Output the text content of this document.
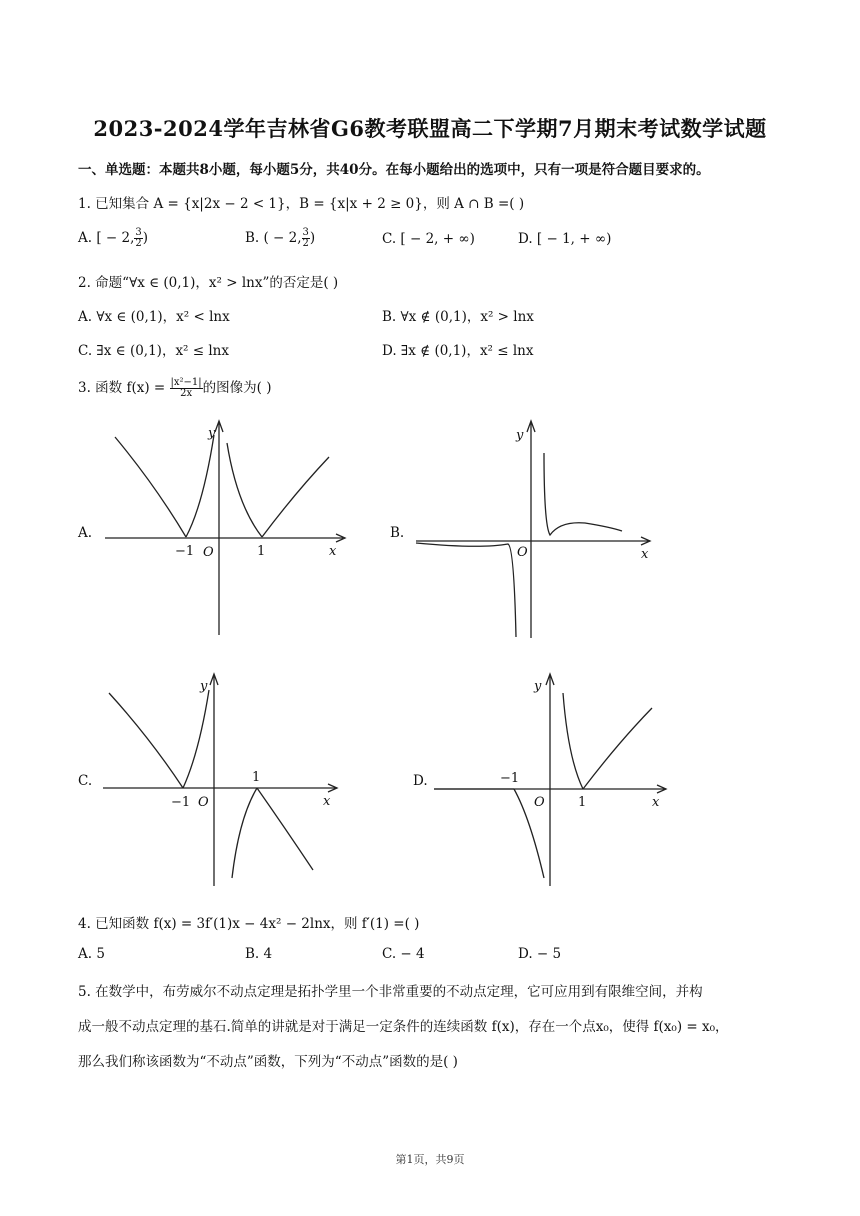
2023-2024学年吉林省G6教考联盟高二下学期7月期末考试数学试题
一、单选题：本题共8小题，每小题5分，共40分。在每小题给出的选项中，只有一项是符合题目要求的。
1. 已知集合 A = {x|2x − 2 < 1}，B = {x|x + 2 ≥ 0}，则 A ∩ B =( )
A. [ − 2, $\frac{3}{2}$ )	B. ( − 2, $\frac{3}{2}$ )	C. [ − 2, + ∞)	D. [ − 1, + ∞)
2. 命题“∀x ∈ (0,1)，x² > lnx”的否定是( )
A. ∀x ∈ (0,1)，x² < lnx	B. ∀x ∉ (0,1)，x² > lnx
C. ∃x ∈ (0,1)，x² ≤ lnx	D. ∃x ∉ (0,1)，x² ≤ lnx
3. 函数 $f(x) = \frac{\text{|x²−1|}}{2x}$ 的图像为( )
A.
y
x
O
−1	1
B.
y
x
O
C.
y
x
O
−1
1	D.
y
x
O
−1
1
4. 已知函数 f(x) = 3f′(1)x − 4x² − 2lnx，则 f′(1) =( )
A. 5	B. 4	C. − 4	D. − 5
5. 在数学中，布劳威尔不动点定理是拓扑学里一个非常重要的不动点定理，它可应用到有限维空间，并构
成一般不动点定理的基石.简单的讲就是对于满足一定条件的连续函数 f(x)，存在一个点x₀，使得 f(x₀) = x₀，
那么我们称该函数为“不动点”函数，下列为“不动点”函数的是( )
第1页，共9页
